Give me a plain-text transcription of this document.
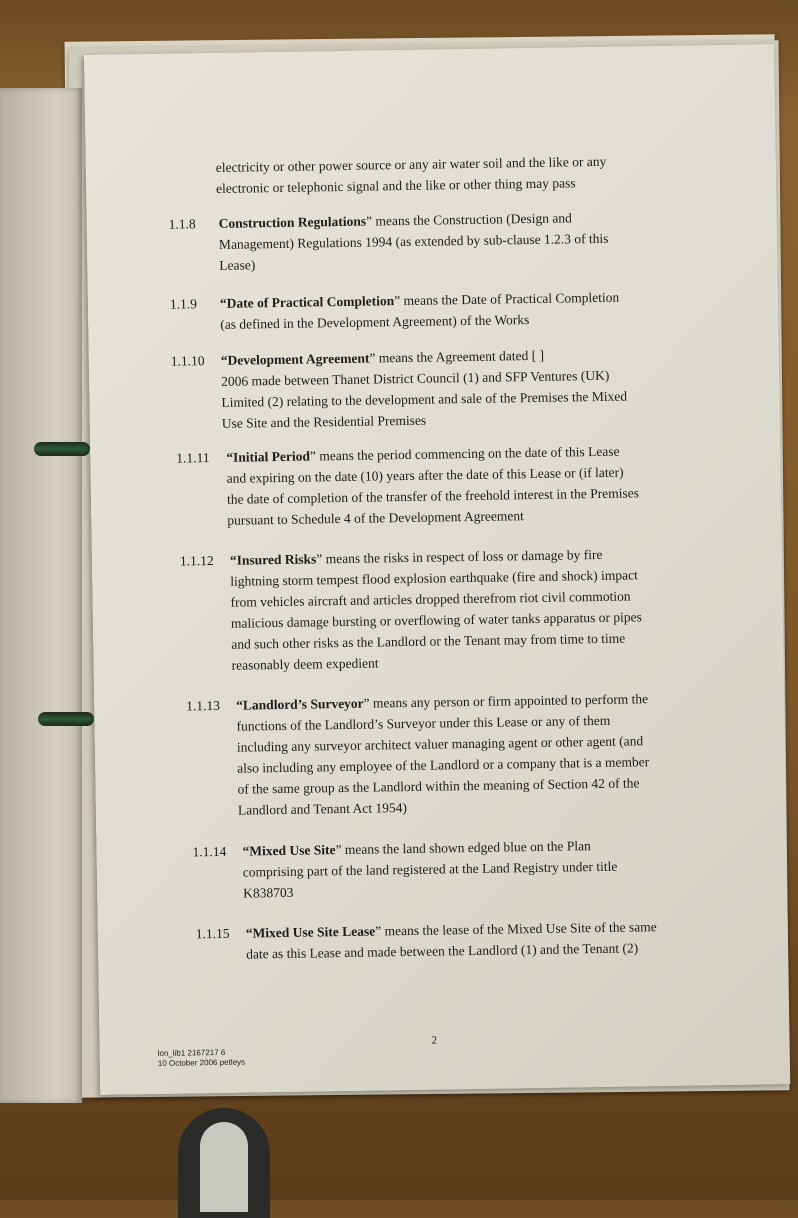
electricity or other power source or any air water soil and the like or any
electronic or telephonic signal and the like or other thing may pass
1.1.8 Construction Regulations” means the Construction (Design and
Management) Regulations 1994 (as extended by sub-clause 1.2.3 of this
Lease)
1.1.9 “Date of Practical Completion” means the Date of Practical Completion
(as defined in the Development Agreement) of the Works
1.1.10 “Development Agreement” means the Agreement dated [ ]
2006 made between Thanet District Council (1) and SFP Ventures (UK)
Limited (2) relating to the development and sale of the Premises the Mixed
Use Site and the Residential Premises
1.1.11 “Initial Period” means the period commencing on the date of this Lease
and expiring on the date (10) years after the date of this Lease or (if later)
the date of completion of the transfer of the freehold interest in the Premises
pursuant to Schedule 4 of the Development Agreement
1.1.12 “Insured Risks” means the risks in respect of loss or damage by fire
lightning storm tempest flood explosion earthquake (fire and shock) impact
from vehicles aircraft and articles dropped therefrom riot civil commotion
malicious damage bursting or overflowing of water tanks apparatus or pipes
and such other risks as the Landlord or the Tenant may from time to time
reasonably deem expedient
1.1.13 “Landlord’s Surveyor” means any person or firm appointed to perform the
functions of the Landlord’s Surveyor under this Lease or any of them
including any surveyor architect valuer managing agent or other agent (and
also including any employee of the Landlord or a company that is a member
of the same group as the Landlord within the meaning of Section 42 of the
Landlord and Tenant Act 1954)
1.1.14 “Mixed Use Site” means the land shown edged blue on the Plan
comprising part of the land registered at the Land Registry under title
K838703
1.1.15 “Mixed Use Site Lease” means the lease of the Mixed Use Site of the same
date as this Lease and made between the Landlord (1) and the Tenant (2)
2
lon_lib1 2167217 6
10 October 2006 petleys
